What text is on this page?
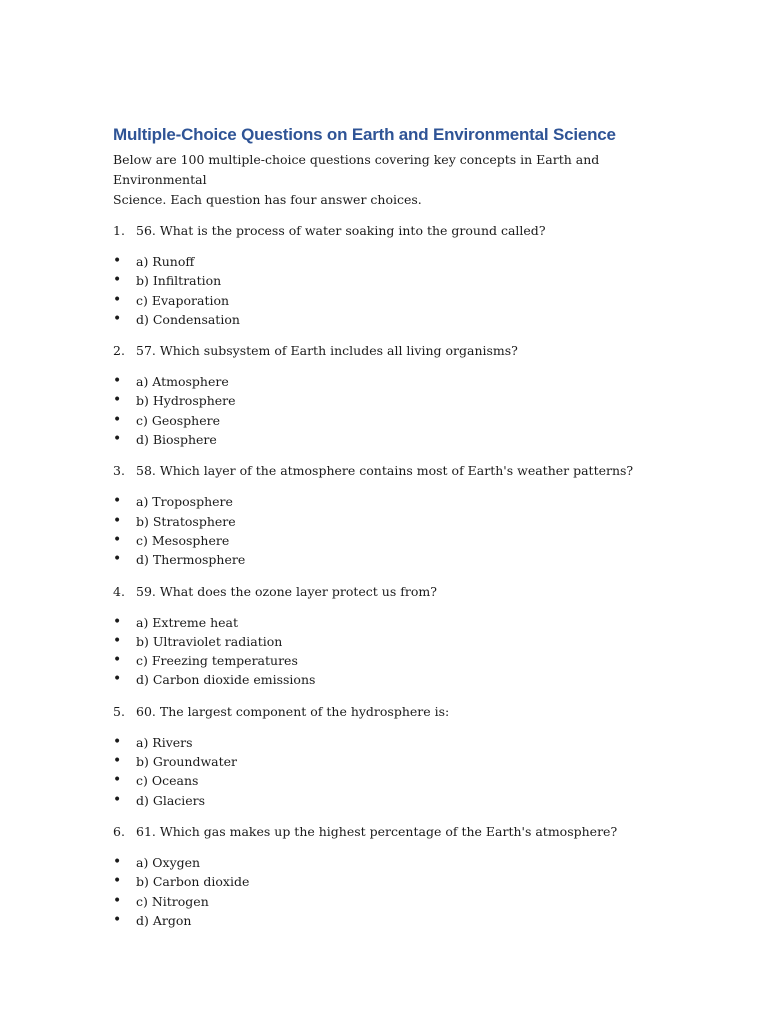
Multiple-Choice Questions on Earth and Environmental Science

Below are 100 multiple-choice questions covering key concepts in Earth and Environmental
Science. Each question has four answer choices.

1. 56. What is the process of water soaking into the ground called?
•	a) Runoff
•	b) Infiltration
•	c) Evaporation
•	d) Condensation
2. 57. Which subsystem of Earth includes all living organisms?
•	a) Atmosphere
•	b) Hydrosphere
•	c) Geosphere
•	d) Biosphere
3. 58. Which layer of the atmosphere contains most of Earth's weather patterns?
•	a) Troposphere
•	b) Stratosphere
•	c) Mesosphere
•	d) Thermosphere
4. 59. What does the ozone layer protect us from?
•	a) Extreme heat
•	b) Ultraviolet radiation
•	c) Freezing temperatures
•	d) Carbon dioxide emissions
5. 60. The largest component of the hydrosphere is:
•	a) Rivers
•	b) Groundwater
•	c) Oceans
•	d) Glaciers
6. 61. Which gas makes up the highest percentage of the Earth's atmosphere?
•	a) Oxygen
•	b) Carbon dioxide
•	c) Nitrogen
•	d) Argon
